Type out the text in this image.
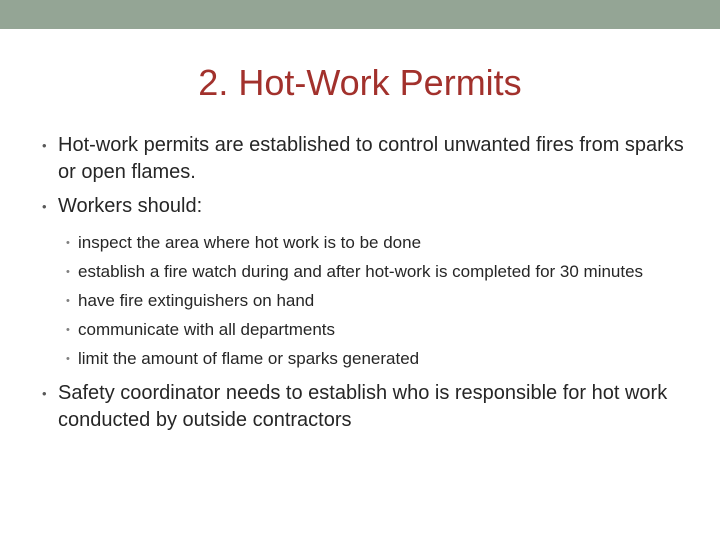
2. Hot-Work Permits

• Hot-work permits are established to control unwanted fires from sparks or open flames.

• Workers should:

• inspect the area where hot work is to be done

• establish a fire watch during and after hot-work is completed for 30 minutes

• have fire extinguishers on hand

• communicate with all departments

• limit the amount of flame or sparks generated

• Safety coordinator needs to establish who is responsible for hot work conducted by outside contractors
